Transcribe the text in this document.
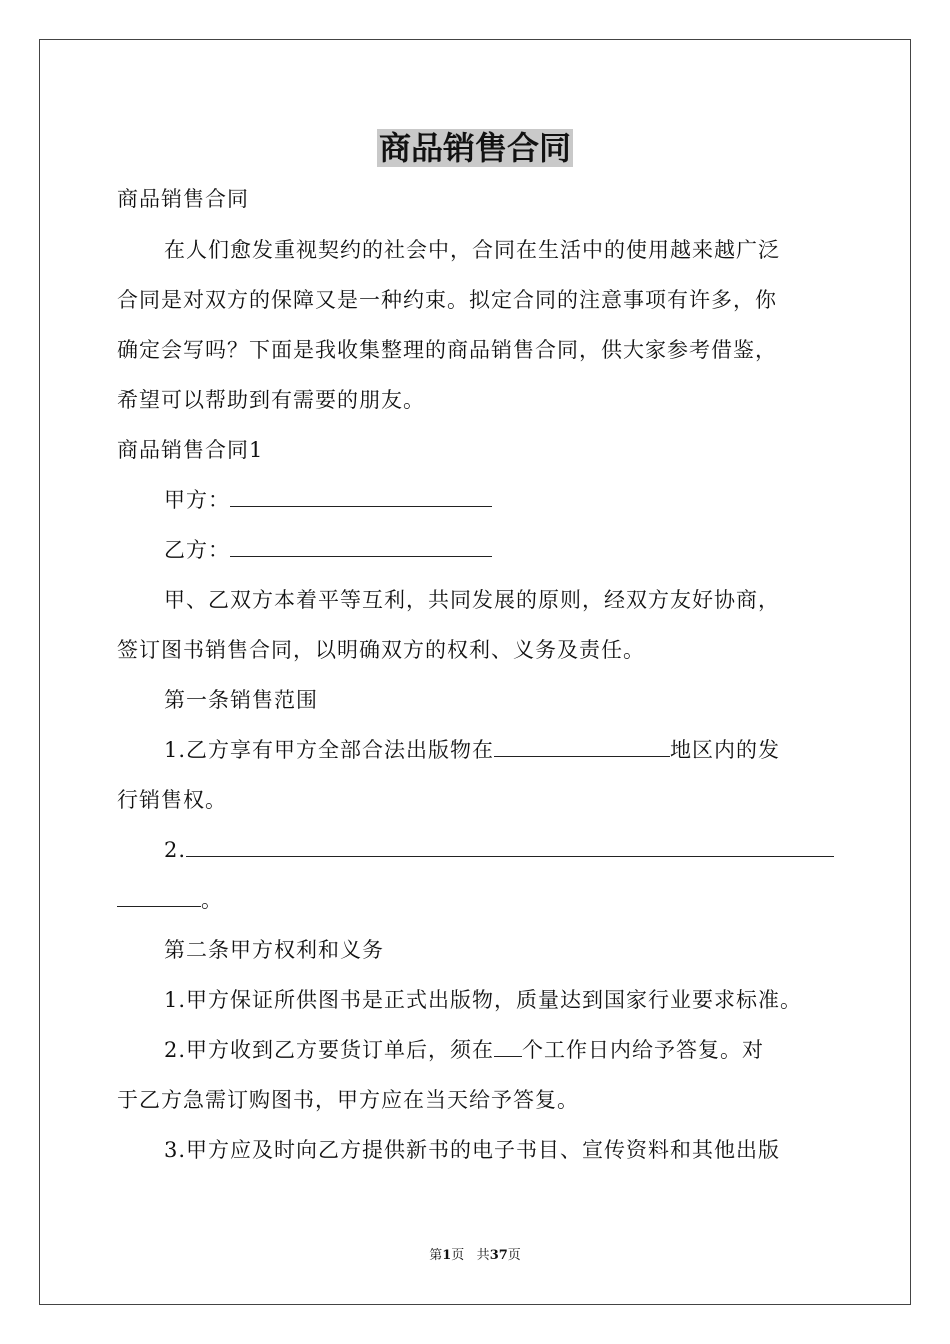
商品销售合同
商品销售合同
在人们愈发重视契约的社会中，合同在生活中的使用越来越广泛
合同是对双方的保障又是一种约束。拟定合同的注意事项有许多，你
确定会写吗？下面是我收集整理的商品销售合同，供大家参考借鉴，
希望可以帮助到有需要的朋友。
商品销售合同1
甲方：
乙方：
甲、乙双方本着平等互利，共同发展的原则，经双方友好协商，
签订图书销售合同，以明确双方的权利、义务及责任。
第一条销售范围
1.乙方享有甲方全部合法出版物在	地区内的发
行销售权。
2.
。
第二条甲方权利和义务
1.甲方保证所供图书是正式出版物，质量达到国家行业要求标准。
2.甲方收到乙方要货订单后，须在 个工作日内给予答复。对
于乙方急需订购图书，甲方应在当天给予答复。
3.甲方应及时向乙方提供新书的电子书目、宣传资料和其他出版
第1页 共37页
